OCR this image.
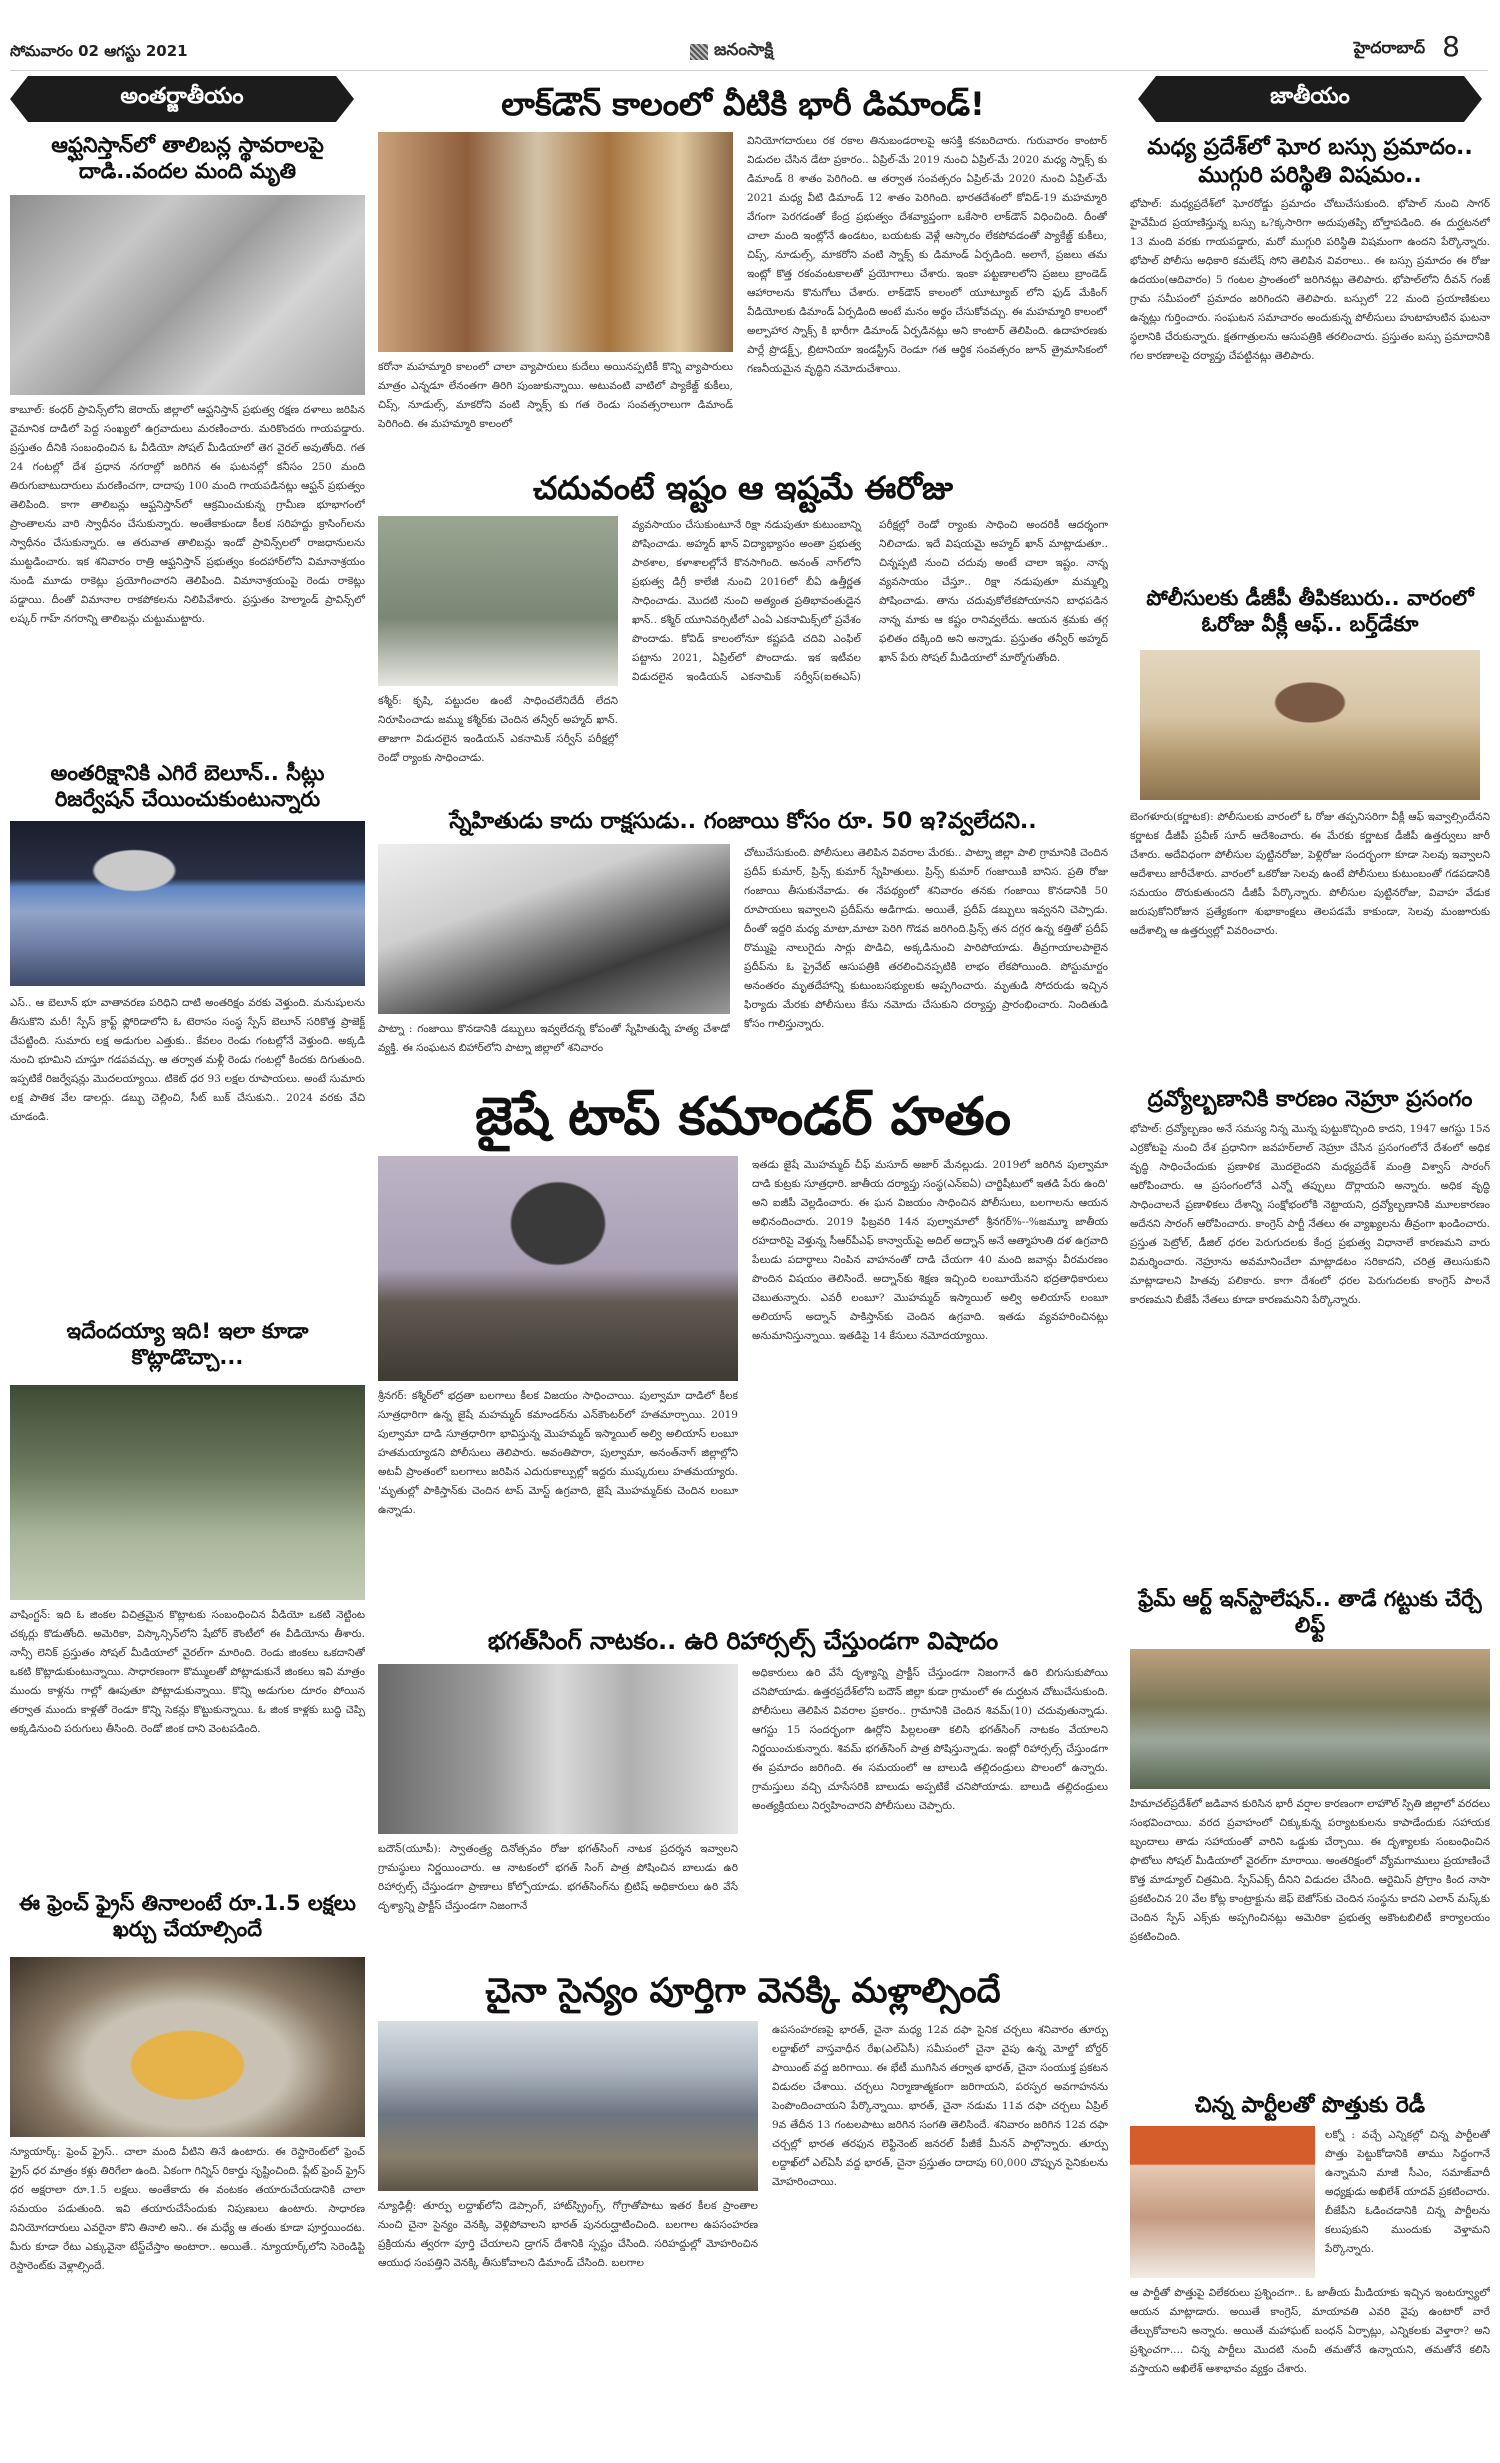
సోమవారం 02 ఆగస్టు 2021	జనంసాక్షి	హైదరాబాద్ 8
అంతర్జాతీయం	జాతీయం
ఆఫ్ఘనిస్తాన్‌లో తాలిబన్ల స్థావరాలపై దాడి..వందల మంది మృతి
కాబూల్: కంధర్ ప్రావిన్స్‌లోని జెరాయ్ జిల్లాలో ఆఫ్ఘనిస్తాన్ ప్రభుత్వ రక్షణ దళాలు జరిపిన వైమానిక దాడిలో పెద్ద సంఖ్యలో ఉగ్రవాదులు మరణించారు. మరికొందరు గాయపడ్డారు. ప్రస్తుతం దీనికి సంబంధించిన ఓ వీడియో సోషల్ మీడియాలో తెగ వైరల్‌ అవుతోంది. గత 24 గంటల్లో దేశ ప్రధాన నగరాల్లో జరిగిన ఈ ఘటనల్లో కనీసం 250 మంది తిరుగుబాటుదారులు మరణించగా, దాదాపు 100 మంది గాయపడినట్లు ఆఫ్ఘన్ ప్రభుత్వం తెలిపింది. కాగా తాలిబన్లు ఆఫ్ఘనిస్తాన్‌లో ఆక్రమించుకున్న గ్రామీణ భూభాగంలో ప్రాంతాలను వారి స్వాధీనం చేసుకున్నారు. అంతేకాకుండా కీలక సరిహద్దు క్రాసింగ్‌లను స్వాధీనం చేసుకున్నారు. ఆ తరువాత తాలిబన్లు ఇండో ప్రావిన్స్‌లలో రాజధానులను ముట్టడించారు. ఇక శనివారం రాత్రి ఆఫ్ఘనిస్తాన్ ప్రభుత్వం కందహార్‌లోని విమానాశ్రయం నుండి మూడు రాకెట్లు ప్రయోగించారని తెలిపింది. విమానాశ్రయంపై రెండు రాకెట్లు పడ్డాయి. దీంతో విమానాల రాకపోకలను నిలిపివేశారు. ప్రస్తుతం హెల్మాండ్ ప్రావిన్స్‌లో లష్కర్ గాహ్ నగరాన్ని తాలిబన్లు చుట్టుముట్టారు.
అంతరిక్షానికి ఎగిరే బెలూన్.. సీట్లు రిజర్వేషన్ చేయించుకుంటున్నారు
ఎస్.. ఆ బెలూన్ భూ వాతావరణ పరిధిని దాటి అంతరిక్షం వరకు వెళ్తుంది. మనుషులను తీసుకొని మరీ! స్పేస్ క్రాఫ్ట్ ఫ్లోరిడాలోని ఓ టెరాసం సంస్థ స్పేస్ బెలూన్ సరికొత్త ప్రాజెక్ట్ చేపట్టింది. సుమారు లక్ష అడుగుల ఎత్తుకు.. కేవలం రెండు గంటల్లోనే వెళ్తుంది. అక్కడి నుంచి భూమిని చూస్తూ గడపవచ్చు. ఆ తర్వాత మళ్లీ రెండు గంటల్లో కిందకు దిగుతుంది. ఇప్పటికే రిజర్వేషన్లు మొదలయ్యాయి. టికెట్ ధర 93 లక్షల రూపాయలు. అంటే సుమారు లక్ష పాతిక వేల డాలర్లు. డబ్బు చెల్లించి, సీట్ బుక్ చేసుకుని.. 2024 వరకు వేచి చూడండి.
ఇదేందయ్యా ఇది! ఇలా కూడా కొట్లాడొచ్చా...
వాషింగ్టన్: ఇది ఓ జింకల విచిత్రమైన కొట్లాటకు సంబంధించిన వీడియో ఒకటి నెట్టింట చక్కర్లు కొడుతోంది. అమెరికా, విస్కాన్సిన్‌లోని షేబోర్ కౌంటీలో ఈ వీడియోను తీశారు. నాన్సీ లెనిక్ ప్రస్తుతం సోషల్ మీడియాలో వైరల్‌గా మారింది. రెండు జింకలు ఒకదానితో ఒకటి కొట్లాడుకుంటున్నాయి. సాధారణంగా కొమ్ములతో పోట్లాడుకునే జింకలు ఇవి మాత్రం ముందు కాళ్లను గాల్లో ఊపుతూ పోట్లాడుకున్నాయి. కొన్ని అడుగుల దూరం పోయిన తర్వాత ముందు కాళ్లతో రెండూ కొన్ని సెకన్లు కొట్టుకున్నాయి. ఓ జింక కాళ్లకు బుద్ధి చెప్పి అక్కడినుంచి పరుగులు తీసింది. రెండో జింక దాని వెంటపడింది.
ఈ ఫ్రెంచ్ ఫ్రైస్ తినాలంటే రూ.1.5 లక్షలు ఖర్చు చేయాల్సిందే
న్యూయార్క్: ఫ్రెంచ్ ఫ్రైస్.. చాలా మంది వీటిని తినే ఉంటారు. ఈ రెస్టారెంట్‌లో ఫ్రెంచ్ ఫ్రైస్ ధర మాత్రం కళ్లు తిరిగేలా ఉంది. ఏకంగా గిన్నిస్ రికార్డు సృష్టించింది. ప్లేట్ ఫ్రెంచ్ ఫ్రైస్ ధర అక్షరాలా రూ.1.5 లక్షలు. అంతేకాదు ఈ వంటకం తయారుచేయడానికి చాలా సమయం పడుతుంది. ఇవి తయారుచేసేందుకు నిపుణులు ఉంటారు. సాధారణ వినియోగదారులు ఎవరైనా కొని తినాలి అని.. ఈ మధ్యే ఆ తంతు కూడా పూర్తయిందట. మీరు కూడా రేటు ఎక్కువైనా టేస్ట్‌చేస్తాం అంటారా.. అయితే.. న్యూయార్క్‌లోని సెరెండిప్టి రెస్టారెంట్‌కు వెళ్లాల్సిందే.
లాక్‌డౌన్ కాలంలో వీటికి భారీ డిమాండ్!
కరోనా మహమ్మారి కాలంలో చాలా వ్యాపారులు కుదేలు అయినప్పటికీ కొన్ని వ్యాపారులు మాత్రం ఎన్నడూ లేనంతగా తిరిగి పుంజుకున్నాయి. అటువంటి వాటిలో ప్యాకేజ్డ్ కుకీలు, చిప్స్, నూడుల్స్, మాకరోని వంటి స్నాక్స్ కు గత రెండు సంవత్సరాలుగా డిమాండ్ పెరిగింది. ఈ మహమ్మారి కాలంలో
వినియోగదారులు రక రకాల తినుబండరాలపై ఆసక్తి కనబరిచారు. గురువారం కాంటార్ విడుదల చేసిన డేటా ప్రకారం.. ఏప్రిల్-మే 2019 నుంచి ఏప్రిల్-మే 2020 మధ్య స్నాక్స్ కు డిమాండ్ 8 శాతం పెరిగింది. ఆ తర్వాత సంవత్సరం ఏప్రిల్-మే 2020 నుంచి ఏప్రిల్-మే 2021 మధ్య వీటి డిమాండ్ 12 శాతం పెరిగింది. భారతదేశంలో కోవిడ్-19 మహమ్మారి వేగంగా పెరగడంతో కేంద్ర ప్రభుత్వం దేశవ్యాప్తంగా ఒకేసారి లాక్‌డౌన్ విధించింది. దీంతో చాలా మంది ఇంట్లోనే ఉండటం, బయటకు వెళ్లే ఆస్కారం లేకపోవడంతో ప్యాకేజ్డ్ కుకీలు, చిప్స్, నూడుల్స్, మాకరోని వంటి స్నాక్స్ కు డిమాండ్ ఏర్పడింది. అలాగే, ప్రజలు తమ ఇంట్లో కొత్త రకంవంటకాలతో ప్రయోగాలు చేశారు. ఇంకా పట్టణాలలోని ప్రజలు బ్రాండెడ్ ఆహారాలను కొనుగోలు చేశారు. లాక్‌డౌన్ కాలంలో యూట్యూబ్ లోని ఫుడ్ మేకింగ్ వీడియోలకు డిమాండ్ ఏర్పడింది అంటే మనం అర్థం చేసుకోవచ్చు. ఈ మహమ్మారి కాలంలో అల్పాహార స్నాక్స్ కి భారీగా డిమాండ్ ఏర్పడినట్లు అని కాంటార్ తెలిపింది. ఉదాహరణకు పార్లే ప్రొడక్ట్స్, బ్రిటానియా ఇండస్ట్రీస్ రెండూ గత ఆర్థిక సంవత్సరం జూన్ త్రైమాసికంలో గణనీయమైన వృద్ధిని నమోదుచేశాయి.
చదువంటే ఇష్టం ఆ ఇష్టమే ఈరోజు
కశ్మీర్: కృషి, పట్టుదల ఉంటే సాధించలేనిదేదీ లేదని నిరూపించాడు జమ్ము కశ్మీర్‌కు చెందిన తన్వీర్ అహ్మద్ ఖాన్. తాజాగా విడుదలైన ఇండియన్ ఎకనామిక్ సర్వీస్ పరీక్షల్లో రెండో ర్యాంకు సాధించాడు.
వ్యవసాయం చేసుకుంటూనే రిక్షా నడుపుతూ కుటుంబాన్ని పోషించాడు. అహ్మద్ ఖాన్ విద్యాభ్యాసం అంతా ప్రభుత్వ పాఠశాల, కళాశాలల్లోనే కొనసాగింది. అనంత్ నాగ్‌లోని ప్రభుత్వ డిగ్రీ కాలేజీ నుంచి 2016లో బీఏ ఉత్తీర్ణత సాధించాడు. మొదటి నుంచి అత్యంత ప్రతిభావంతుడైన ఖాన్.. కశ్మీర్ యూనివర్సిటీలో ఎంఏ ఎకనామిక్స్‌లో ప్రవేశం పొందాడు. కోవిడ్ కాలంలోనూ కష్టపడి చదివి ఎంఫిల్ పట్టాను 2021, ఏప్రిల్‌లో పొందాడు. ఇక ఇటీవల విడుదలైన ఇండియన్ ఎకనామిక్ సర్వీస్(ఐఈఎస్) పరీక్షల్లో రెండో ర్యాంకు సాధించి అందరికీ ఆదర్శంగా నిలిచాడు. ఇదే విషయమై అహ్మద్ ఖాన్ మాట్లాడుతూ.. చిన్నప్పటి నుంచి చదువు అంటే చాలా ఇష్టం. నాన్న వ్యవసాయం చేస్తూ.. రిక్షా నడుపుతూ మమ్మల్ని పోషించాడు. తాను చదువుకోలేకపోయానని బాధపడిన నాన్న మాకు ఆ కష్టం రానివ్వలేదు. ఆయన శ్రమకు తగ్గ ఫలితం దక్కింది అని అన్నాడు. ప్రస్తుతం తన్వీర్ అహ్మద్ ఖాన్ పేరు సోషల్ మీడియాలో మార్మోగుతోంది.
స్నేహితుడు కాదు రాక్షసుడు.. గంజాయి కోసం రూ. 50 ఇ?వ్వలేదని..
పాట్నా : గంజాయి కొనడానికి డబ్బులు ఇవ్వలేదన్న కోపంతో స్నేహితుడ్ని హత్య చేశాడో వ్యక్తి. ఈ సంఘటన బిహార్‌లోని పాట్నా జిల్లాలో శనివారం
చోటుచేసుకుంది. పోలీసులు తెలిపిన వివరాల మేరకు.. పాట్నా జిల్లా పాలి గ్రామానికి చెందిన ప్రదీప్ కుమార్, ప్రిన్స్ కుమార్ స్నేహితులు. ప్రిన్స్ కుమార్ గంజాయికి బానిస. ప్రతి రోజు గంజాయి తీసుకునేవాడు. ఈ నేపథ్యంలో శనివారం తనకు గంజాయి కొనడానికి 50 రూపాయలు ఇవ్వాలని ప్రదీప్‌ను అడిగాడు. అయితే, ప్రదీప్ డబ్బులు ఇవ్వనని చెప్పాడు. దీంతో ఇద్దరి మధ్య మాటా,మాటా పెరిగి గొడవ జరిగింది.ప్రిన్స్ తన దగ్గర ఉన్న కత్తితో ప్రదీప్ రొమ్ముపై నాలుగైదు సార్లు పొడిచి, అక్కడినుంచి పారిపోయాడు. తీవ్రగాయాలపాలైన ప్రదీప్‌ను ఓ ప్రైవేట్ ఆసుపత్రికి తరలించినప్పటికి లాభం లేకపోయింది. పోస్టుమార్టం అనంతరం మృతదేహాన్ని కుటుంబసభ్యులకు అప్పగించారు. మృతుడి సోదరుడు ఇచ్చిన ఫిర్యాదు మేరకు పోలీసులు కేసు నమోదు చేసుకుని దర్యాప్తు ప్రారంభించారు. నిందితుడి కోసం గాలిస్తున్నారు.
జైషే టాప్ కమాండర్ హతం
శ్రీనగర్: కశ్మీర్‌లో భద్రతా బలగాలు కీలక విజయం సాధించాయి. పుల్వామా దాడిలో కీలక సూత్రధారిగా ఉన్న జైషే మహమ్మద్ కమాండర్‌ను ఎన్‌కౌంటర్‌లో హతమార్చాయి. 2019 పుల్వామా దాడి సూత్రధారిగా భావిస్తున్న మొహమ్మద్ ఇస్మాయిల్ అల్వి అలియాస్ లంబూ హతమయ్యాడని పోలీసులు తెలిపారు. అవంతిపొరా, పుల్వామా, అనంత్‌నాగ్ జిల్లాల్లోని అటవీ ప్రాంతంలో బలగాలు జరిపిన ఎదురుకాల్పుల్లో ఇద్దరు ముష్కరులు హతమయ్యారు. 'మృతుల్లో పాకిస్తాన్‌కు చెందిన టాప్ మోస్ట్ ఉగ్రవాది, జైషే మొహమ్మద్‌కు చెందిన లంబూ ఉన్నాడు.
ఇతడు జైషే మొహమ్మద్ చీఫ్ మసూద్ అజార్ మేనల్లుడు. 2019లో జరిగిన పుల్వామా దాడి కుట్రకు సూత్రధారి. జాతీయ దర్యాప్తు సంస్థ(ఎన్ఐఏ) చార్జిషీటులో ఇతడి పేరు ఉంది' అని ఐజీపీ వెల్లడించారు. ఈ ఘన విజయం సాధించిన పోలీసులు, బలగాలను ఆయన అభినందించారు. 2019 ఫిబ్రవరి 14న పుల్వామాలో శ్రీనగర్%--%జమ్మూ జాతీయ రహదారిపై వెళ్తున్న సీఆర్‌పీఎఫ్ కాన్వాయ్‌పై అదిల్ అద్నాన్ అనే ఆత్మాహుతి దళ ఉగ్రవాది పేలుడు పదార్థాలు నింపిన వాహనంతో దాడి చేయగా 40 మంది జవాన్లు వీరమరణం పొందిన విషయం తెలిసిందే. అద్నాన్‌కు శిక్షణ ఇచ్చింది లంబూయేనని భద్రతాధికారులు చెబుతున్నారు. ఎవరీ లంబూ? మొహమ్మద్ ఇస్మాయిల్ అల్వి అలియాస్ లంబూ అలియాస్ అద్నాన్ పాకిస్తాన్‌కు చెందిన ఉగ్రవాది. ఇతడు వ్యవహరించినట్లు అనుమానిస్తున్నాయి. ఇతడిపై 14 కేసులు నమోదయ్యాయి.
భగత్‌సింగ్ నాటకం.. ఉరి రిహార్సల్స్ చేస్తుండగా విషాదం
బదౌన్(యూపీ): స్వాతంత్ర్య దినోత్సవం రోజు భగత్‌సింగ్ నాటక ప్రదర్శన ఇవ్వాలని గ్రామస్థులు నిర్ణయించారు. ఆ నాటకంలో భగత్ సింగ్ పాత్ర పోషించిన బాలుడు ఉరి రిహార్సల్స్ చేస్తుండగా ప్రాణాలు కోల్పోయాడు. భగత్‌సింగ్‌ను బ్రిటిష్ అధికారులు ఉరి వేసే దృశ్యాన్ని ప్రాక్టీస్ చేస్తుండగా నిజంగానే
అధికారులు ఉరి వేసే దృశ్యాన్ని ప్రాక్టీస్ చేస్తుండగా నిజంగానే ఉరి బిగుసుకుపోయి చనిపోయాడు. ఉత్తరప్రదేశ్‌లోని బదౌన్ జిల్లా కుడా గ్రామంలో ఈ దుర్ఘటన చోటుచేసుకుంది. పోలీసులు తెలిపిన వివరాల ప్రకారం.. గ్రామానికి చెందిన శివమ్(10) చదువుతున్నాడు. ఆగస్టు 15 సందర్భంగా ఊర్లోని పిల్లలంతా కలిసి భగత్‌సింగ్ నాటకం వేయాలని నిర్ణయించుకున్నారు. శివమ్ భగత్‌సింగ్ పాత్ర పోషిస్తున్నాడు. ఇంట్లో రిహార్సల్స్ చేస్తుండగా ఈ ప్రమాదం జరిగింది. ఈ సమయంలో ఆ బాలుడి తల్లిదండ్రులు పొలంలో ఉన్నారు. గ్రామస్తులు వచ్చి చూసేసరికి బాలుడు అప్పటికే చనిపోయాడు. బాలుడి తల్లిదండ్రులు అంత్యక్రియలు నిర్వహించారని పోలీసులు చెప్పారు.
చైనా సైన్యం పూర్తిగా వెనక్కి మళ్లాల్సిందే
న్యూఢిల్లీ: తూర్పు లద్దాఖ్‌లోని డెప్సాంగ్, హాట్‌స్ప్రింగ్స్, గోగ్రాతోపాటు ఇతర కీలక ప్రాంతాల నుంచి చైనా సైన్యం వెనక్కి వెళ్లిపోవాలని భారత్ పునరుద్ఘాటించింది. బలగాల ఉపసంహరణ ప్రక్రియను త్వరగా పూర్తి చేయాలని డ్రాగన్ దేశానికి స్పష్టం చేసింది. సరిహద్దుల్లో మోహరించిన ఆయుధ సంపత్తిని వెనక్కి తీసుకోవాలని డిమాండ్ చేసింది. బలగాల
ఉపసంహరణపై భారత్, చైనా మధ్య 12వ దఫా సైనిక చర్చలు శనివారం తూర్పు లద్దాఖ్‌లో వాస్తవాధీన రేఖ(ఎల్ఏసీ) సమీపంలో చైనా వైపు ఉన్న మోల్డో బోర్డర్ పాయింట్ వద్ద జరిగాయి. ఈ భేటీ ముగిసిన తర్వాత భారత్, చైనా సంయుక్త ప్రకటన విడుదల చేశాయి. చర్చలు నిర్మాణాత్మకంగా జరిగాయని, పరస్పర అవగాహనను పెంపొందించాయని పేర్కొన్నాయి. భారత్, చైనా నడుమ 11వ దఫా చర్చలు ఏప్రిల్ 9వ తేదీన 13 గంటలపాటు జరిగిన సంగతి తెలిసిందే. శనివారం జరిగిన 12వ దఫా చర్చల్లో భారత తరఫున లెఫ్టినెంట్ జనరల్ పీజీకే మీనన్ పాల్గొన్నారు. తూర్పు లద్దాఖ్‌లో ఎల్ఏసీ వద్ద భారత్, చైనా ప్రస్తుతం దాదాపు 60,000 చొప్పున సైనికులను మోహరించాయి.
మధ్య ప్రదేశ్‌లో ఘోర బస్సు ప్రమాదం.. ముగ్గురి పరిస్థితి విషమం..
భోపాల్: మధ్యప్రదేశ్‌లో ఘోరరోడ్డు ప్రమాదం చోటుచేసుకుంది. భోపాల్ నుంచి సాగర్ హైవేమీద ప్రయాణిస్తున్న బస్సు ఒ?క్కసారిగా అదుపుతప్పి బోల్తాపడింది. ఈ దుర్ఘటనలో 13 మంది వరకు గాయపడ్డారు, మరో ముగ్గురి పరిస్థితి విషమంగా ఉందని పేర్కొన్నారు. భోపాల్ పోలీసు అధికారి కమలేష్ సోని తెలిపిన వివరాలు.. ఈ బస్సు ప్రమాదం ఈ రోజు ఉదయం(ఆదివారం) 5 గంటల ప్రాంతంలో జరిగినట్లు తెలిపారు. భోపాల్‌లోని దీవన్ గంజ్ గ్రామ సమీపంలో ప్రమాదం జరిగిందని తెలిపారు. బస్సులో 22 మంది ప్రయాణికులు ఉన్నట్లు గుర్తించారు. సంఘటన సమాచారం అందుకున్న పోలీసులు హుటాహుటిన ఘటనా స్థలానికి చేరుకున్నారు. క్షతగాత్రులను ఆసుపత్రికి తరలించారు. ప్రస్తుతం బస్సు ప్రమాదానికి గల కారణాలపై దర్యాప్తు చేపట్టినట్లు తెలిపారు.
పోలీసులకు డీజీపీ తీపికబురు.. వారంలో ఓరోజు వీక్లీ ఆఫ్.. బర్త్‌డేకూ
బెంగళూరు(కర్ణాటక): పోలీసులకు వారంలో ఓ రోజు తప్పనిసరిగా వీక్లీ ఆఫ్ ఇవ్వాల్సిందేనని కర్ణాటక డీజీపీ ప్రవీణ్ సూద్ ఆదేశించారు. ఈ మేరకు కర్ణాటక డీజీపీ ఉత్తర్వులు జారీ చేశారు. అదేవిధంగా పోలీసుల పుట్టినరోజు, పెళ్లిరోజు సందర్భంగా కూడా సెలవు ఇవ్వాలని ఆదేశాలు జారీచేశారు. వారంలో ఒకరోజు సెలవు ఉంటే పోలీసులు కుటుంబంతో గడపడానికి సమయం దొరుకుతుందని డీజీపీ పేర్కొన్నారు. పోలీసుల పుట్టినరోజు, వివాహ వేడుక జరుపుకోనిరోజున ప్రత్యేకంగా శుభాకాంక్షలు తెలపడమే కాకుండా, సెలవు మంజూరుకు ఆదేశాల్ని ఆ ఉత్తర్వుల్లో వివరించారు.
ద్రవ్యోల్బణానికి కారణం నెహ్రూ ప్రసంగం
భోపాల్: ద్రవ్యోల్బణం అనే సమస్య నిన్న మొన్న పుట్టుకొచ్చింది కాదని, 1947 ఆగస్టు 15న ఎర్రకోటపై నుంచి దేశ ప్రధానిగా జవహర్‌లాల్ నెహ్రూ చేసిన ప్రసంగంలోనే దేశంలో అధిక వృద్ధి సాధించేందుకు ప్రణాళిక మొదలైందని మధ్యప్రదేశ్ మంత్రి విశ్వాస్ సారంగ్ ఆరోపించారు. ఆ ప్రసంగంలోనే ఎన్నో తప్పులు దొర్లాయని అన్నారు. అధిక వృద్ధి సాధించాలనే ప్రణాళికలు దేశాన్ని సంక్షోభంలోకి నెట్టాయని, ద్రవ్యోల్బణానికి మూలకారణం అదేనని సారంగ్ ఆరోపించారు. కాంగ్రెస్ పార్టీ నేతలు ఈ వ్యాఖ్యలను తీవ్రంగా ఖండించారు. ప్రస్తుత పెట్రోల్, డీజిల్ ధరల పెరుగుదలకు కేంద్ర ప్రభుత్వ విధానాలే కారణమని వారు విమర్శించారు. నెహ్రూను అవమానించేలా మాట్లాడటం సరికాదని, చరిత్ర తెలుసుకుని మాట్లాడాలని హితవు పలికారు. కాగా దేశంలో ధరల పెరుగుదలకు కాంగ్రెస్ పాలనే కారణమని బీజేపీ నేతలు కూడా కారణమనిని పేర్కొన్నారు.
ఫ్రేమ్ ఆర్ట్ ఇన్‌స్టాలేషన్.. తాడే గట్టుకు చేర్చే లిఫ్ట్
హిమాచల్‌ప్రదేశ్‌లో జడివాన కురిసిన భారీ వర్షాల కారణంగా లాహౌల్ స్పితి జిల్లాలో వరదలు సంభవించాయి. వరద ప్రవాహంలో చిక్కుకున్న పర్యాటకులను కాపాడేందుకు సహాయక బృందాలు తాడు సహాయంతో వారిని ఒడ్డుకు చేర్చాయి. ఈ దృశ్యాలకు సంబంధించిన ఫొటోలు సోషల్ మీడియాలో వైరల్‌గా మారాయి. అంతరిక్షంలో వ్యోమగాములు ప్రయాణించే కొత్త మాడ్యూల్ చిత్రమిది. స్పేస్‌ఎక్స్ దీనిని విడుదల చేసింది. ఆర్టెమిస్ ప్రోగ్రాం కింద నాసా ప్రకటించిన 20 వేల కోట్ల కాంట్రాక్టును జెఫ్ బెజోస్‌కు చెందిన సంస్థను కాదని ఎలాన్ మస్క్‌కు చెందిన స్పేస్ ఎక్స్‌కు అప్పగించినట్లు అమెరికా ప్రభుత్వ అకౌంటబిలిటీ కార్యాలయం ప్రకటించింది.
చిన్న పార్టీలతో పొత్తుకు రెడీ
లక్నో : వచ్చే ఎన్నికల్లో చిన్న పార్టీలతో పొత్తు పెట్టుకోడానికి తాము సిద్ధంగానే ఉన్నామని మాజీ సీఎం, సమాజ్‌వాదీ అధ్యక్షుడు అఖిలేశ్ యాదవ్ ప్రకటించారు. బీజేపీని ఓడించడానికి చిన్న పార్టీలను కలుపుకుని ముందుకు వెళ్తామని పేర్కొన్నారు.
ఆ పార్టీతో పొత్తుపై విలేకరులు ప్రశ్నించగా.. ఓ జాతీయ మీడియాకు ఇచ్చిన ఇంటర్వ్యూలో ఆయన మాట్లాడారు. అయితే కాంగ్రెస్, మాయావతి ఎవరి వైపు ఉంటారో వారే తేల్చుకోవాలని అన్నారు. అయితే మహాఘట్ బంధన్ ఏర్పాట్లు, ఎన్నికలకు వెళ్తారా? అని ప్రశ్నించగా.... చిన్న పార్టీలు మొదటి నుంచీ తమతోనే ఉన్నాయని, తమతోనే కలిసి వస్తాయని అఖిలేశ్ ఆశాభావం వ్యక్తం చేశారు.
